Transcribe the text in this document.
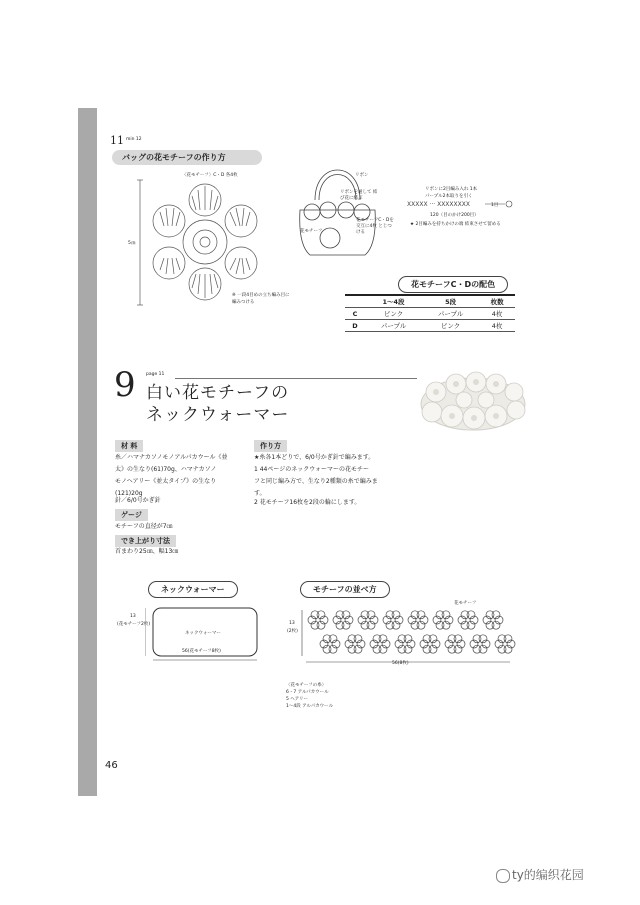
11 min 12
バッグの花モチーフの作り方
〈花モチーフ〉C・D 各4枚
5㎝
※ 一段4目めの立ち編み目に編みつける
リボン
リボンを通して 結び花に結ぶ
花モチーフ
花モチーフC・Dを 交互に4枚 とじつける
リボンに2目編み入れ 1本
パープル2本取りを引く
XXXXX ··· XXXXXXXX
120（目のかけ200目）
1目
★ 2目編みを持ちかけの端 結束させて留める
花モチーフC・Dの配色
	1〜4段	5段	枚数
C	ピンク	パープル	4枚
D	パープル	ピンク	4枚
9 page 11
白い花モチーフの
ネックウォーマー
材 料
糸／ハマナカソノモノアルパカウール《並
太》の生なり(61)70g、ハマナカソノ
モノヘアリー《並太タイプ》の生なり
(121)20g
針／6/0号かぎ針
ゲージ
モチーフの直径が7㎝
でき上がり寸法
首まわり25㎝、幅13㎝
作り方
★糸各1本どりで、6/0号かぎ針で編みます。
1 44ページのネックウォーマーの花モチー
フと同じ編み方で、生なり2種類の糸で編みま
す。
2 花モチーフ16枚を2段の輪にします。
ネックウォーマー
13
(花モチーフ2枚)
ネックウォーマー
56(花モチーフ8枚)
モチーフの並べ方
花モチーフ
13
(2枚)
56(8枚)
〈花モチーフの糸〉
6・7 アルパカウール
5 ヘアリー
1〜4段 アルパカウール
46
ty的编织花园
